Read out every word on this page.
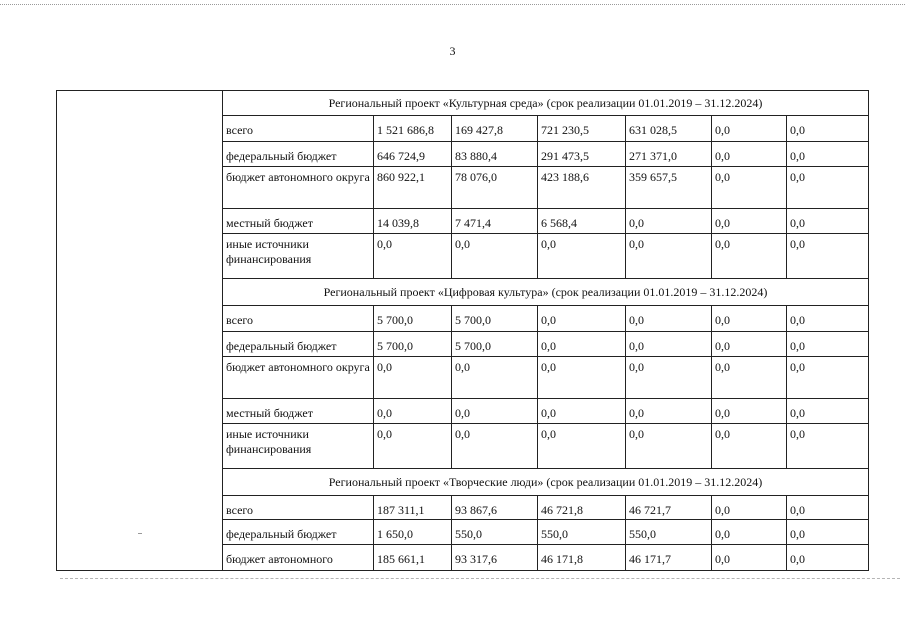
3
	Региональный проект «Культурная среда» (срок реализации 01.01.2019 – 31.12.2024)						
	всего	1 521 686,8	169 427,8	721 230,5	631 028,5	0,0	0,0
	федеральный бюджет	646 724,9	83 880,4	291 473,5	271 371,0	0,0	0,0
	бюджет автономного округа	860 922,1	78 076,0	423 188,6	359 657,5	0,0	0,0
	местный бюджет	14 039,8	7 471,4	6 568,4	0,0	0,0	0,0
	иные источники финансирования	0,0	0,0	0,0	0,0	0,0	0,0
	Региональный проект «Цифровая культура» (срок реализации 01.01.2019 – 31.12.2024)						
	всего	5 700,0	5 700,0	0,0	0,0	0,0	0,0
	федеральный бюджет	5 700,0	5 700,0	0,0	0,0	0,0	0,0
	бюджет автономного округа	0,0	0,0	0,0	0,0	0,0	0,0
	местный бюджет	0,0	0,0	0,0	0,0	0,0	0,0
	иные источники финансирования	0,0	0,0	0,0	0,0	0,0	0,0
	Региональный проект «Творческие люди» (срок реализации 01.01.2019 – 31.12.2024)						
	всего	187 311,1	93 867,6	46 721,8	46 721,7	0,0	0,0
	федеральный бюджет	1 650,0	550,0	550,0	550,0	0,0	0,0
	бюджет автономного	185 661,1	93 317,6	46 171,8	46 171,7	0,0	0,0
